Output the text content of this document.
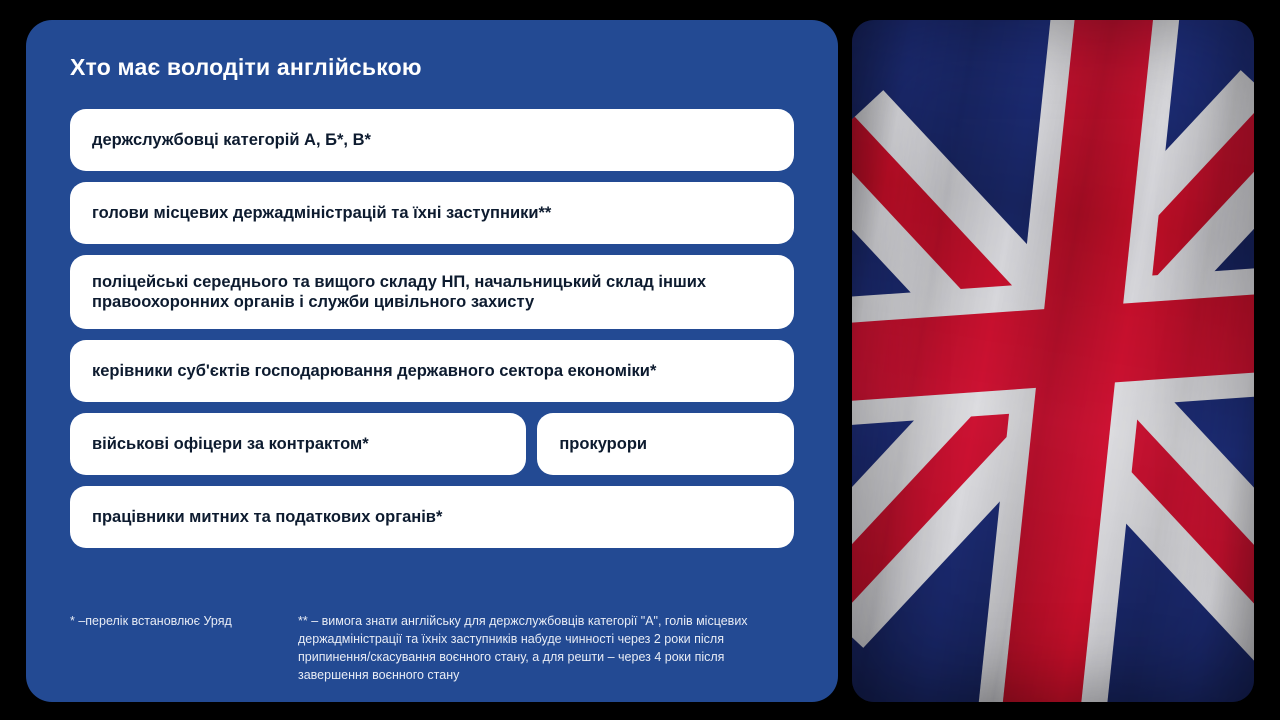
Хто має володіти англійською
держслужбовці категорій А, Б*, В*
голови місцевих держадміністрацій та їхні заступники**
поліцейські середнього та вищого складу НП, начальницький склад інших правоохоронних органів і служби цивільного захисту
керівники суб'єктів господарювання державного сектора економіки*
військові офіцери за контрактом*	прокурори
працівники митних та податкових органів*
* –перелік встановлює Уряд	** – вимога знати англійську для держслужбовців категорії "А", голів місцевих держадміністрації та їхніх заступників набуде чинності через 2 роки після припинення/скасування воєнного стану, а для решти – через 4 роки після завершення воєнного стану
